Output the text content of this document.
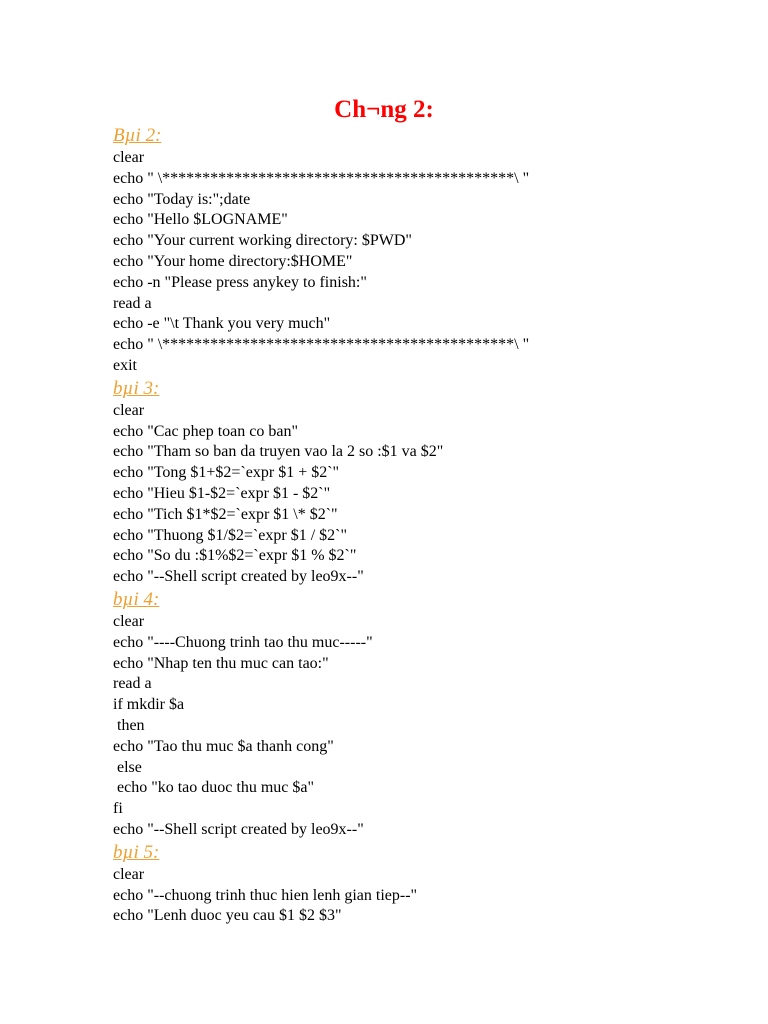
Ch¬ng 2:
Bµi 2:
clear
echo " \********************************************\ "
echo "Today is:";date
echo "Hello $LOGNAME"
echo "Your current working directory: $PWD"
echo "Your home directory:$HOME"
echo -n "Please press anykey to finish:"
read a
echo -e "\t Thank you very much"
echo " \********************************************\ "
exit
bµi 3:
clear
echo "Cac phep toan co ban"
echo "Tham so ban da truyen vao la 2 so :$1 va $2"
echo "Tong $1+$2=`expr $1 + $2`"
echo "Hieu $1-$2=`expr $1 - $2`"
echo "Tich $1*$2=`expr $1 \* $2`"
echo "Thuong $1/$2=`expr $1 / $2`"
echo "So du :$1%$2=`expr $1 % $2`"
echo "--Shell script created by leo9x--"
bµi 4:
clear
echo "----Chuong trinh tao thu muc-----"
echo "Nhap ten thu muc can tao:"
read a
if mkdir $a
then
echo "Tao thu muc $a thanh cong"
else
echo "ko tao duoc thu muc $a"
fi
echo "--Shell script created by leo9x--"
bµi 5:
clear
echo "--chuong trinh thuc hien lenh gian tiep--"
echo "Lenh duoc yeu cau $1 $2 $3"
